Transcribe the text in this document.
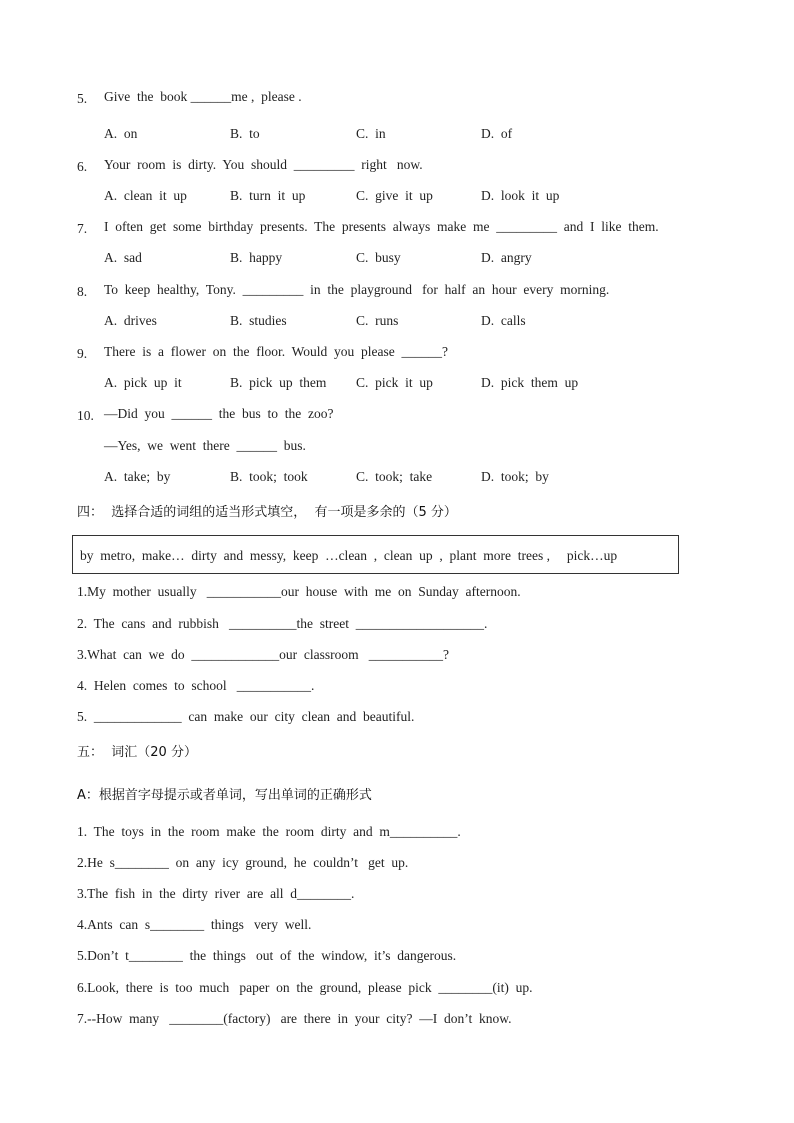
5. Give  the  book ______me ,  please .
A.  on	B.  to	C.  in	D.  of
6. Your  room  is  dirty.  You  should  _________  right   now.
A.  clean  it  up	B.  turn  it  up	C.  give  it  up	D.  look  it  up
7. I  often  get  some  birthday  presents.  The  presents  always  make  me  _________  and  I  like  them.
A.  sad	B.  happy	C.  busy	D.  angry
8. To  keep  healthy,  Tony.  _________  in  the  playground   for  half  an  hour  every  morning.
A.  drives	B.  studies	C.  runs	D.  calls
9. There  is  a  flower  on  the  floor.  Would  you  please  ______?
A.  pick  up  it	B.  pick  up  them C.  pick  it  up	D.  pick  them  up
10. —Did  you  ______  the  bus  to  the  zoo?
—Yes,  we  went  there  ______  bus.
A.  take;  by	B.  took;  took	C.  took;  take	D.  took;  by
四：  选择合适的词组的适当形式填空，  有一项是多余的（5 分）
by  metro,  make…  dirty  and  messy,  keep  …clean  ,  clean  up  ,  plant  more  trees ,     pick…up
1.My  mother  usually   ___________our  house  with  me  on  Sunday  afternoon.
2.  The  cans  and  rubbish   __________the  street  ___________________.
3.What  can  we  do  _____________our  classroom   ___________?
4.  Helen  comes  to  school   ___________.
5.  _____________  can  make  our  city  clean  and  beautiful.
五：  词汇（20 分）
A：根据首字母提示或者单词，写出单词的正确形式
1.  The  toys  in  the  room  make  the  room  dirty  and  m__________.
2.He  s________  on  any  icy  ground,  he  couldn’t   get  up.
3.The  fish  in  the  dirty  river  are  all  d________.
4.Ants  can  s________  things   very  well.
5.Don’t  t________  the  things   out  of  the  window,  it’s  dangerous.
6.Look,  there  is  too  much   paper  on  the  ground,  please  pick  ________(it)  up.
7.--How  many   ________(factory)   are  there  in  your  city?  —I  don’t  know.
